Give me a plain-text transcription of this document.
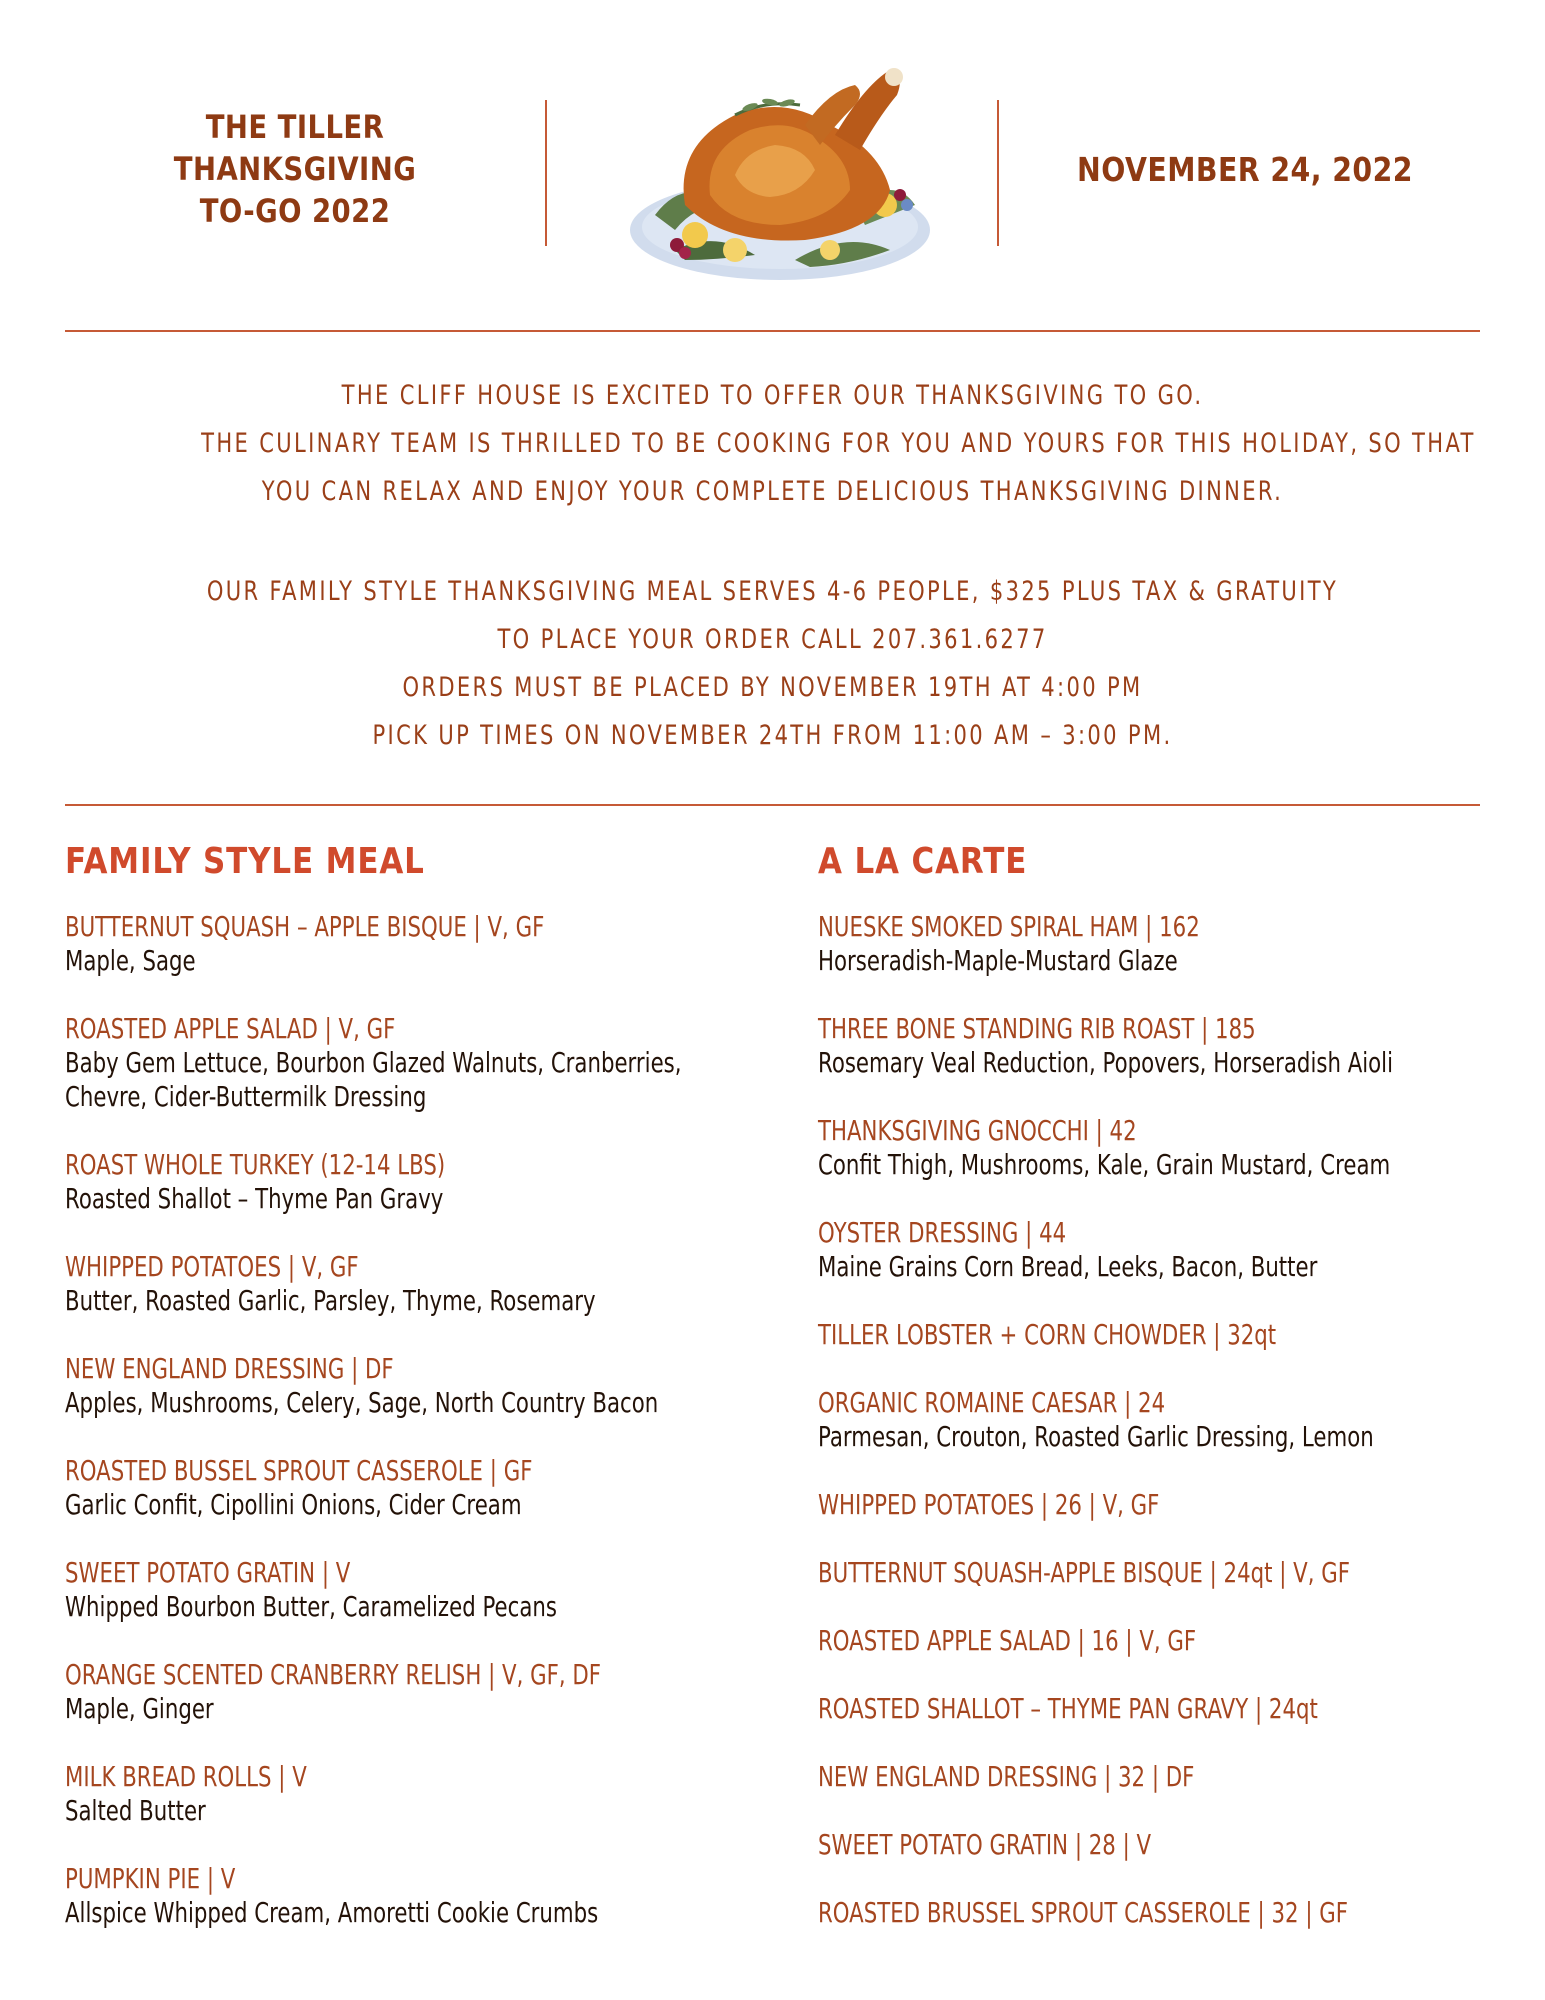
THE TILLER
THANKSGIVING
TO-GO 2022
NOVEMBER 24, 2022
THE CLIFF HOUSE IS EXCITED TO OFFER OUR THANKSGIVING TO GO.
THE CULINARY TEAM IS THRILLED TO BE COOKING FOR YOU AND YOURS FOR THIS HOLIDAY, SO THAT
YOU CAN RELAX AND ENJOY YOUR COMPLETE DELICIOUS THANKSGIVING DINNER.
OUR FAMILY STYLE THANKSGIVING MEAL SERVES 4-6 PEOPLE, $325 PLUS TAX & GRATUITY
TO PLACE YOUR ORDER CALL 207.361.6277
ORDERS MUST BE PLACED BY NOVEMBER 19TH AT 4:00 PM
PICK UP TIMES ON NOVEMBER 24TH FROM 11:00 AM – 3:00 PM.
FAMILY STYLE MEAL
BUTTERNUT SQUASH – APPLE BISQUE | V, GF
Maple, Sage
ROASTED APPLE SALAD | V, GF
Baby Gem Lettuce, Bourbon Glazed Walnuts, Cranberries,
Chevre, Cider-Buttermilk Dressing
ROAST WHOLE TURKEY (12-14 LBS)
Roasted Shallot – Thyme Pan Gravy
WHIPPED POTATOES | V, GF
Butter, Roasted Garlic, Parsley, Thyme, Rosemary
NEW ENGLAND DRESSING | DF
Apples, Mushrooms, Celery, Sage, North Country Bacon
ROASTED BUSSEL SPROUT CASSEROLE | GF
Garlic Confit, Cipollini Onions, Cider Cream
SWEET POTATO GRATIN | V
Whipped Bourbon Butter, Caramelized Pecans
ORANGE SCENTED CRANBERRY RELISH | V, GF, DF
Maple, Ginger
MILK BREAD ROLLS | V
Salted Butter
PUMPKIN PIE | V
Allspice Whipped Cream, Amoretti Cookie Crumbs
A LA CARTE
NUESKE SMOKED SPIRAL HAM | 162
Horseradish-Maple-Mustard Glaze
THREE BONE STANDING RIB ROAST | 185
Rosemary Veal Reduction, Popovers, Horseradish Aioli
THANKSGIVING GNOCCHI | 42
Confit Thigh, Mushrooms, Kale, Grain Mustard, Cream
OYSTER DRESSING | 44
Maine Grains Corn Bread, Leeks, Bacon, Butter
TILLER LOBSTER + CORN CHOWDER | 32qt
ORGANIC ROMAINE CAESAR | 24
Parmesan, Crouton, Roasted Garlic Dressing, Lemon
WHIPPED POTATOES | 26 | V, GF
BUTTERNUT SQUASH-APPLE BISQUE | 24qt | V, GF
ROASTED APPLE SALAD | 16 | V, GF
ROASTED SHALLOT – THYME PAN GRAVY | 24qt
NEW ENGLAND DRESSING | 32 | DF
SWEET POTATO GRATIN | 28 | V
ROASTED BRUSSEL SPROUT CASSEROLE | 32 | GF
